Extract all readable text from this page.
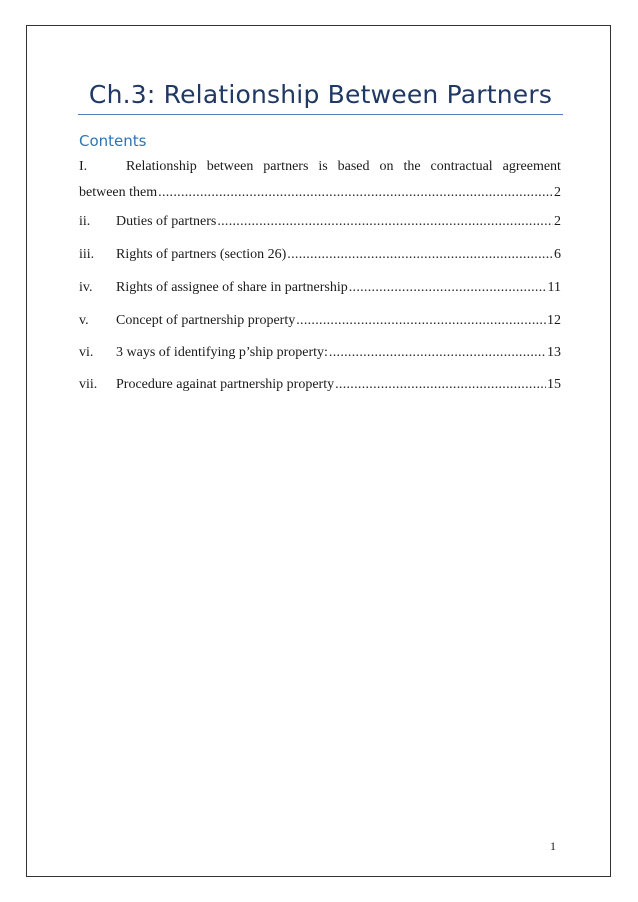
Ch.3: Relationship Between Partners
Contents
I.	Relationship between partners is based on the contractual agreement
between them .....	2
ii.	Duties of partners .....	2
iii.	Rights of partners (section 26) .....	6
iv.	Rights of assignee of share in partnership .....	11
v.	Concept of partnership property .....	12
vi.	3 ways of identifying p’ship property: .....	13
vii.	Procedure againat partnership property .....	15
1
